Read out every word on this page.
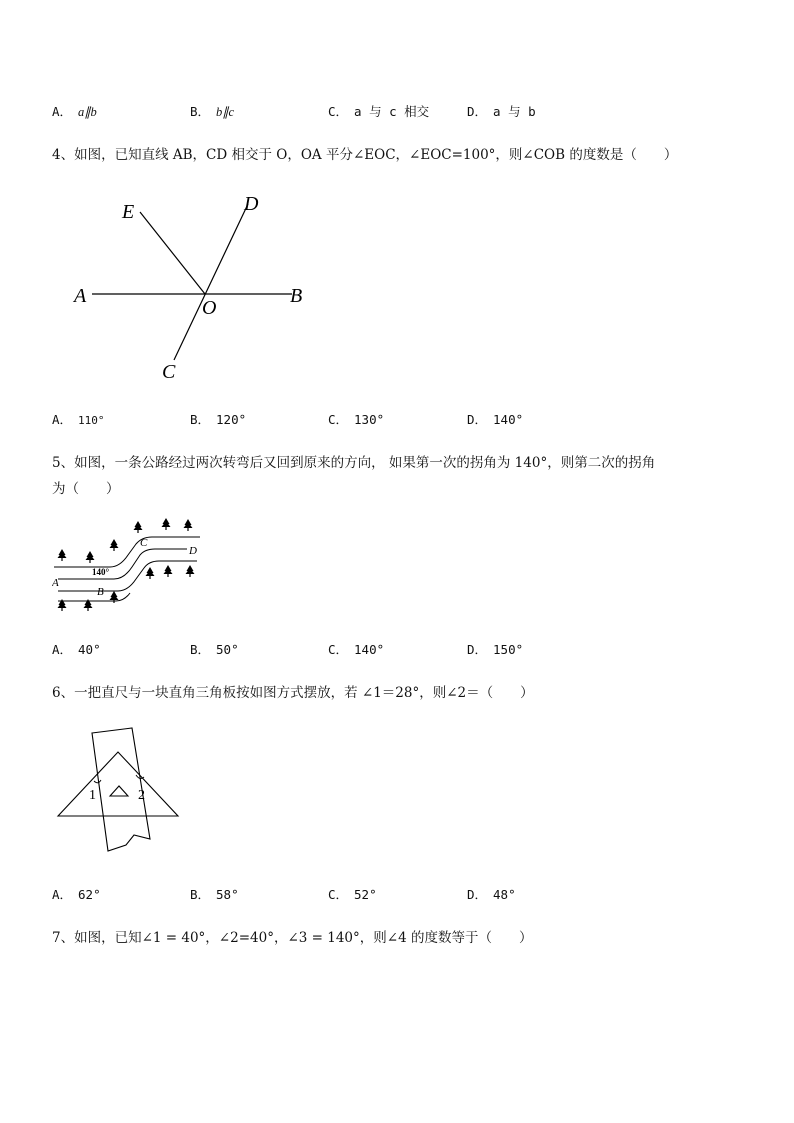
A． a∥b	B． b∥c	C． a 与 c 相交	D． a 与 b
4、如图，已知直线 AB，CD 相交于 O，OA 平分∠EOC，∠EOC=100°，则∠COB 的度数是（　　）
E	D
A
O
B
C
A． 110°	B． 120°	C． 130°	D． 140°
5、如图，一条公路经过两次转弯后又回到原来的方向， 如果第一次的拐角为 140°，则第二次的拐角
为（　　）
C
D
A
B
140°
A． 40°	B． 50°	C． 140°	D． 150°
6、一把直尺与一块直角三角板按如图方式摆放，若 ∠1＝28°，则∠2＝（　　）
1	2
A． 62°	B． 58°	C． 52°	D． 48°
7、如图，已知∠1 = 40°，∠2=40°，∠3 = 140°，则∠4 的度数等于（　　）
